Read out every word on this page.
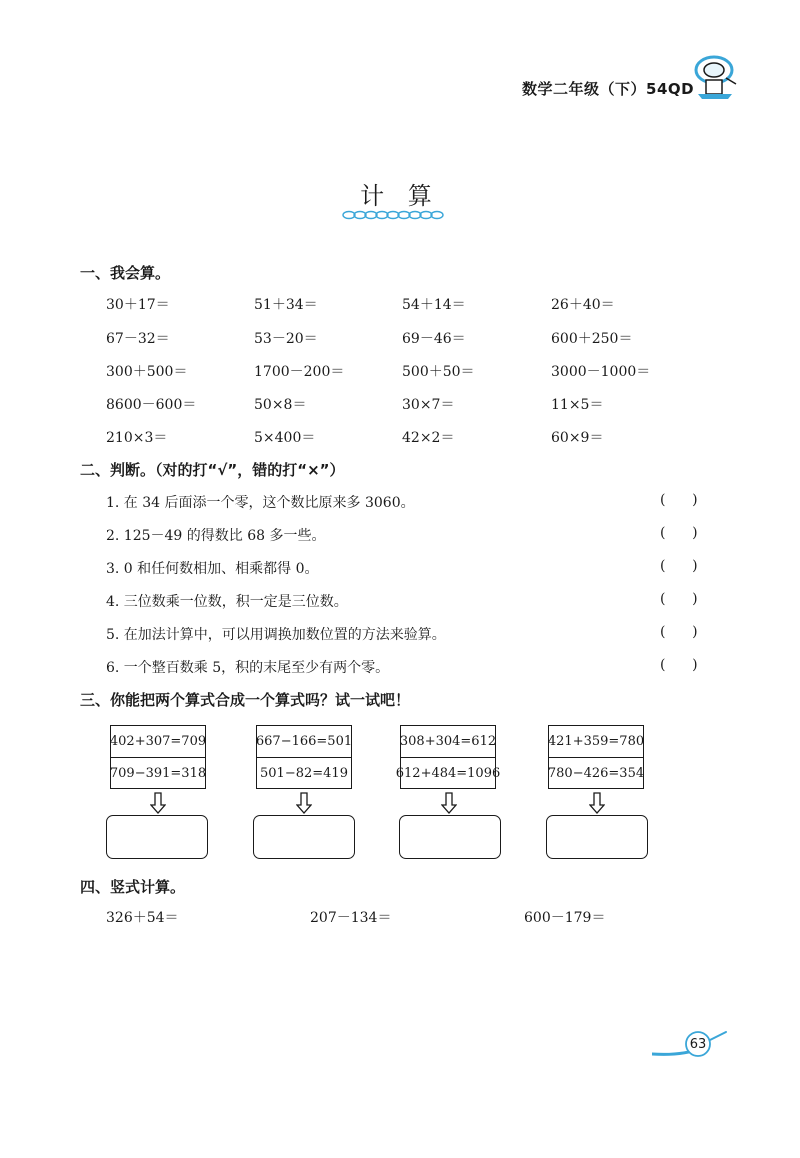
数学二年级（下）54QD
计 算
一、我会算。
30＋17＝	51＋34＝	54＋14＝	26＋40＝
67－32＝	53－20＝	69－46＝	600＋250＝
300＋500＝	1700－200＝	500＋50＝	3000－1000＝
8600－600＝	50×8＝	30×7＝	11×5＝
210×3＝	5×400＝	42×2＝	60×9＝
二、判断。（对的打“√”，错的打“×”）
1. 在 34 后面添一个零，这个数比原来多 3060。	(      )
2. 125－49 的得数比 68 多一些。	(      )
3. 0 和任何数相加、相乘都得 0。	(      )
4. 三位数乘一位数，积一定是三位数。	(      )
5. 在加法计算中，可以用调换加数位置的方法来验算。	(      )
6. 一个整百数乘 5，积的末尾至少有两个零。	(      )
三、你能把两个算式合成一个算式吗？试一试吧！
402+307=709
709−391=318
667−166=501
501−82=419
308+304=612
612+484=1096
421+359=780
780−426=354
四、竖式计算。
326＋54＝	207－134＝	600－179＝
63
